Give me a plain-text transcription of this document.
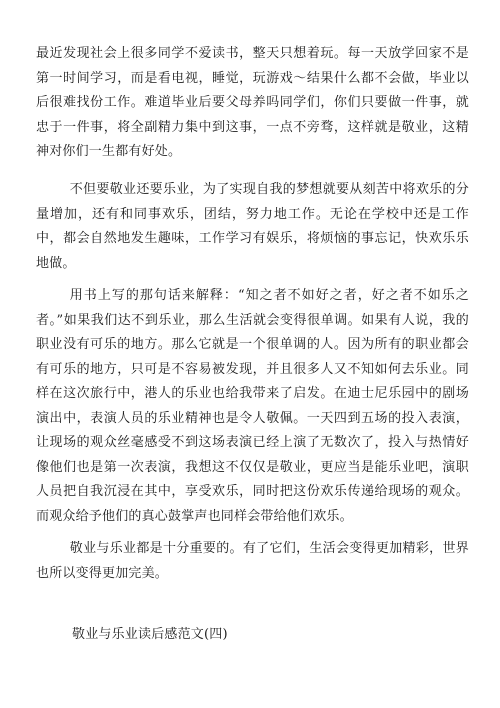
最近发现社会上很多同学不爱读书，整天只想着玩。每一天放学回家不是第一时间学习，而是看电视，睡觉，玩游戏～结果什么都不会做，毕业以后很难找份工作。难道毕业后要父母养吗同学们，你们只要做一件事，就忠于一件事，将全副精力集中到这事，一点不旁骛，这样就是敬业，这精神对你们一生都有好处。

不但要敬业还要乐业，为了实现自我的梦想就要从刻苦中将欢乐的分量增加，还有和同事欢乐，团结，努力地工作。无论在学校中还是工作中，都会自然地发生趣味，工作学习有娱乐，将烦恼的事忘记，快欢乐乐地做。

用书上写的那句话来解释：“知之者不如好之者，好之者不如乐之者。”如果我们达不到乐业，那么生活就会变得很单调。如果有人说，我的职业没有可乐的地方。那么它就是一个很单调的人。因为所有的职业都会有可乐的地方，只可是不容易被发现，并且很多人又不知如何去乐业。同样在这次旅行中，港人的乐业也给我带来了启发。在迪士尼乐园中的剧场演出中，表演人员的乐业精神也是令人敬佩。一天四到五场的投入表演，让现场的观众丝毫感受不到这场表演已经上演了无数次了，投入与热情好像他们也是第一次表演，我想这不仅仅是敬业，更应当是能乐业吧，演职人员把自我沉浸在其中，享受欢乐，同时把这份欢乐传递给现场的观众。而观众给予他们的真心鼓掌声也同样会带给他们欢乐。

敬业与乐业都是十分重要的。有了它们，生活会变得更加精彩，世界也所以变得更加完美。

敬业与乐业读后感范文(四)
